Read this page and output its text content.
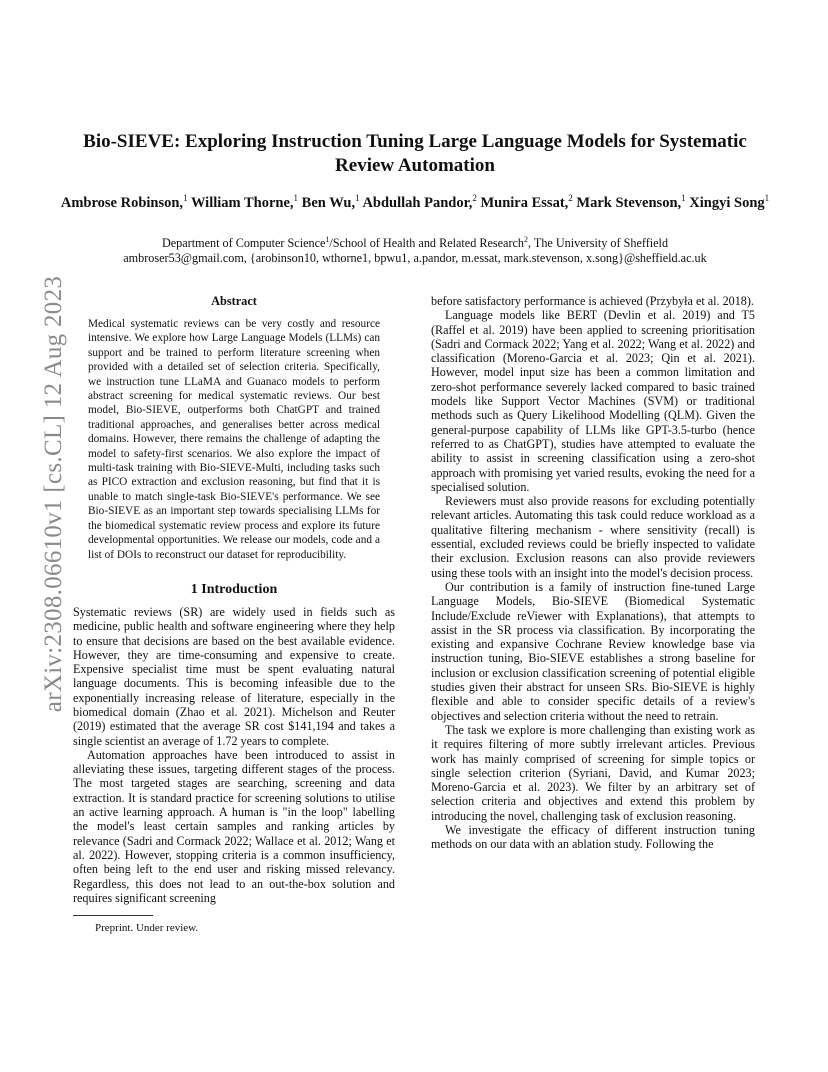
arXiv:2308.06610v1 [cs.CL] 12 Aug 2023
Bio-SIEVE: Exploring Instruction Tuning Large Language Models for Systematic Review Automation
Ambrose Robinson,$^1$ William Thorne,$^1$ Ben Wu,$^1$ Abdullah Pandor,$^2$ Munira Essat,$^2$ Mark Stevenson,$^1$ Xingyi Song$^1$
Department of Computer Science$^1$/School of Health and Related Research$^2$, The University of Sheffield
ambroser53@gmail.com, {arobinson10, wthorne1, bpwu1, a.pandor, m.essat, mark.stevenson, x.song}@sheffield.ac.uk
Abstract

Medical systematic reviews can be very costly and resource intensive. We explore how Large Language Models (LLMs) can support and be trained to perform literature screening when provided with a detailed set of selection criteria. Specifically, we instruction tune LLaMA and Guanaco models to perform abstract screening for medical systematic reviews. Our best model, Bio-SIEVE, outperforms both ChatGPT and trained traditional approaches, and generalises better across medical domains. However, there remains the challenge of adapting the model to safety-first scenarios. We also explore the impact of multi-task training with Bio-SIEVE-Multi, including tasks such as PICO extraction and exclusion reasoning, but find that it is unable to match single-task Bio-SIEVE's performance. We see Bio-SIEVE as an important step towards specialising LLMs for the biomedical systematic review process and explore its future developmental opportunities. We release our models, code and a list of DOIs to reconstruct our dataset for reproducibility.

1 Introduction

Systematic reviews (SR) are widely used in fields such as medicine, public health and software engineering where they help to ensure that decisions are based on the best available evidence. However, they are time-consuming and expensive to create. Expensive specialist time must be spent evaluating natural language documents. This is becoming infeasible due to the exponentially increasing release of literature, especially in the biomedical domain (Zhao et al. 2021). Michelson and Reuter (2019) estimated that the average SR cost $141,194 and takes a single scientist an average of 1.72 years to complete.

Automation approaches have been introduced to assist in alleviating these issues, targeting different stages of the process. The most targeted stages are searching, screening and data extraction. It is standard practice for screening solutions to utilise an active learning approach. A human is "in the loop" labelling the model's least certain samples and ranking articles by relevance (Sadri and Cormack 2022; Wallace et al. 2012; Wang et al. 2022). However, stopping criteria is a common insufficiency, often being left to the end user and risking missed relevancy. Regardless, this does not lead to an out-the-box solution and requires significant screening

Preprint. Under review.

before satisfactory performance is achieved (Przybyła et al. 2018).

Language models like BERT (Devlin et al. 2019) and T5 (Raffel et al. 2019) have been applied to screening prioritisation (Sadri and Cormack 2022; Yang et al. 2022; Wang et al. 2022) and classification (Moreno-Garcia et al. 2023; Qin et al. 2021). However, model input size has been a common limitation and zero-shot performance severely lacked compared to basic trained models like Support Vector Machines (SVM) or traditional methods such as Query Likelihood Modelling (QLM). Given the general-purpose capability of LLMs like GPT-3.5-turbo (hence referred to as ChatGPT), studies have attempted to evaluate the ability to assist in screening classification using a zero-shot approach with promising yet varied results, evoking the need for a specialised solution.

Reviewers must also provide reasons for excluding potentially relevant articles. Automating this task could reduce workload as a qualitative filtering mechanism - where sensitivity (recall) is essential, excluded reviews could be briefly inspected to validate their exclusion. Exclusion reasons can also provide reviewers using these tools with an insight into the model's decision process.

Our contribution is a family of instruction fine-tuned Large Language Models, Bio-SIEVE (Biomedical Systematic Include/Exclude reViewer with Explanations), that attempts to assist in the SR process via classification. By incorporating the existing and expansive Cochrane Review knowledge base via instruction tuning, Bio-SIEVE establishes a strong baseline for inclusion or exclusion classification screening of potential eligible studies given their abstract for unseen SRs. Bio-SIEVE is highly flexible and able to consider specific details of a review's objectives and selection criteria without the need to retrain.

The task we explore is more challenging than existing work as it requires filtering of more subtly irrelevant articles. Previous work has mainly comprised of screening for simple topics or single selection criterion (Syriani, David, and Kumar 2023; Moreno-Garcia et al. 2023). We filter by an arbitrary set of selection criteria and objectives and extend this problem by introducing the novel, challenging task of exclusion reasoning.

We investigate the efficacy of different instruction tuning methods on our data with an ablation study. Following the
